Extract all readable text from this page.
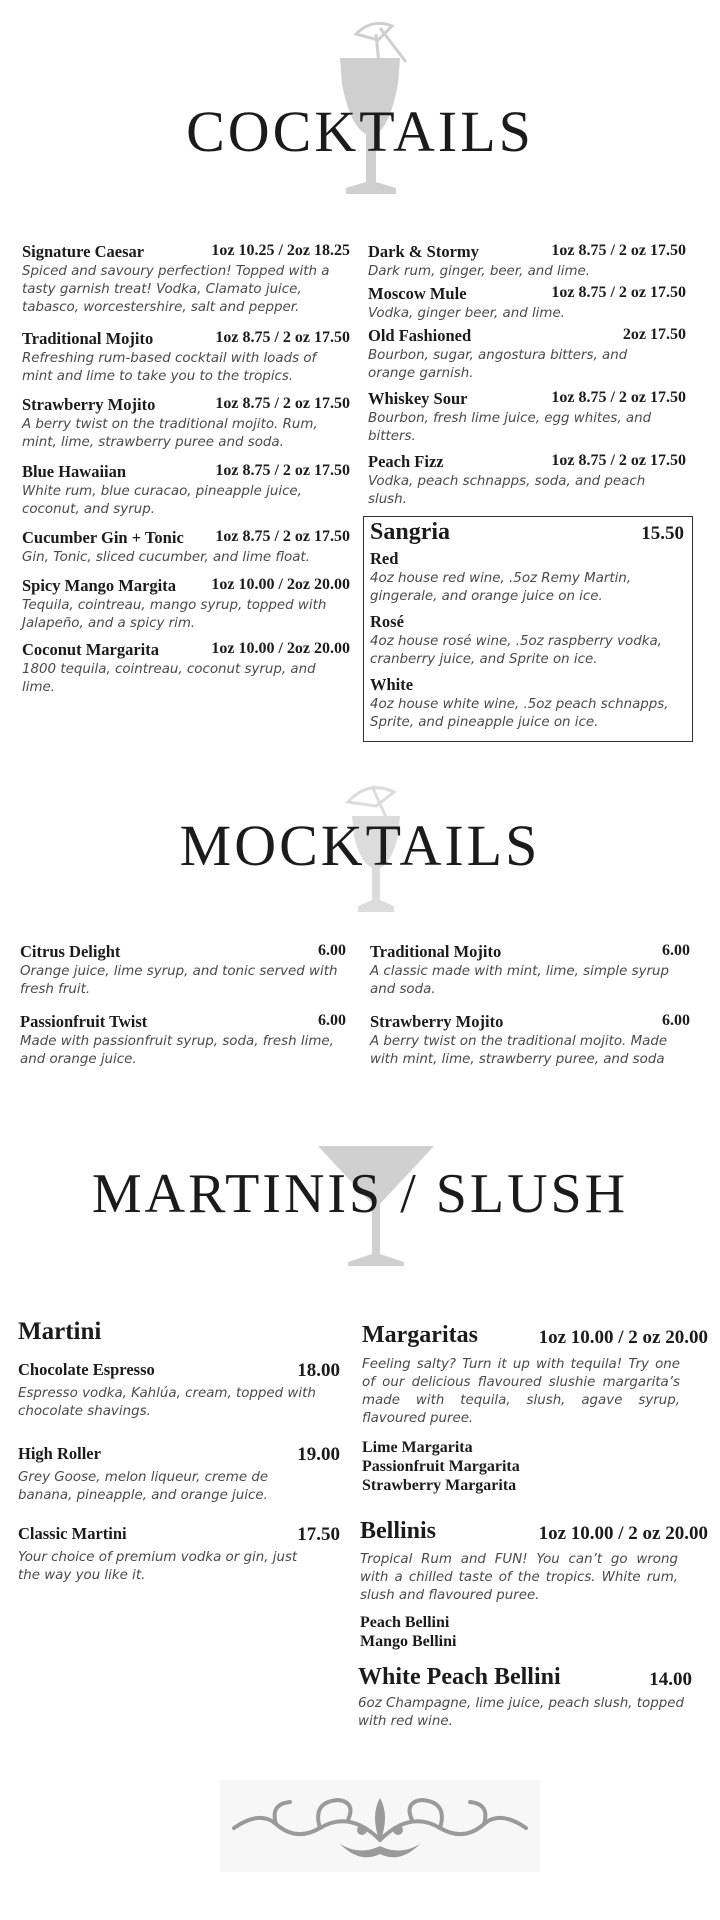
COCKTAILS
Signature Caesar	1oz 10.25 / 2oz 18.25
Spiced and savoury perfection! Topped with a tasty garnish treat! Vodka, Clamato juice, tabasco, worcestershire, salt and pepper.
Traditional Mojito	1oz 8.75 / 2 oz 17.50
Refreshing rum-based cocktail with loads of mint and lime to take you to the tropics.
Strawberry Mojito	1oz 8.75 / 2 oz 17.50
A berry twist on the traditional mojito. Rum, mint, lime, strawberry puree and soda.
Blue Hawaiian	1oz 8.75 / 2 oz 17.50
White rum, blue curacao, pineapple juice, coconut, and syrup.
Cucumber Gin + Tonic 1oz 8.75 / 2 oz 17.50
Gin, Tonic, sliced cucumber, and lime float.
Spicy Mango Margita 1oz 10.00 / 2oz 20.00
Tequila, cointreau, mango syrup, topped with Jalapeño, and a spicy rim.
Coconut Margarita	1oz 10.00 / 2oz 20.00
1800 tequila, cointreau, coconut syrup, and lime.
Dark & Stormy	1oz 8.75 / 2 oz 17.50
Dark rum, ginger, beer, and lime.
Moscow Mule	1oz 8.75 / 2 oz 17.50
Vodka, ginger beer, and lime.
Old Fashioned	2oz 17.50
Bourbon, sugar, angostura bitters, and orange garnish.
Whiskey Sour	1oz 8.75 / 2 oz 17.50
Bourbon, fresh lime juice, egg whites, and bitters.
Peach Fizz	1oz 8.75 / 2 oz 17.50
Vodka, peach schnapps, soda, and peach slush.
Sangria	15.50
Red
4oz house red wine, .5oz Remy Martin, gingerale, and orange juice on ice.
Rosé
4oz house rosé wine, .5oz raspberry vodka, cranberry juice, and Sprite on ice.
White
4oz house white wine, .5oz peach schnapps, Sprite, and pineapple juice on ice.
MOCKTAILS
Citrus Delight	6.00
Orange juice, lime syrup, and tonic served with fresh fruit.
Passionfruit Twist	6.00
Made with passionfruit syrup, soda, fresh lime, and orange juice.
Traditional Mojito	6.00
A classic made with mint, lime, simple syrup and soda.
Strawberry Mojito	6.00
A berry twist on the traditional mojito. Made with mint, lime, strawberry puree, and soda
MARTINIS / SLUSH
Martini
Chocolate Espresso	18.00
Espresso vodka, Kahlúa, cream, topped with chocolate shavings.
High Roller	19.00
Grey Goose, melon liqueur, creme de banana, pineapple, and orange juice.
Classic Martini	17.50
Your choice of premium vodka or gin, just the way you like it.
Margaritas	1oz 10.00 / 2 oz 20.00
Feeling salty? Turn it up with tequila! Try one of our delicious flavoured slushie margarita’s made with tequila, slush, agave syrup, flavoured puree.
Lime Margarita
Passionfruit Margarita
Strawberry Margarita
Bellinis	1oz 10.00 / 2 oz 20.00
Tropical Rum and FUN! You can’t go wrong with a chilled taste of the tropics. White rum, slush and flavoured puree.
Peach Bellini
Mango Bellini
White Peach Bellini	14.00
6oz Champagne, lime juice, peach slush, topped with red wine.
